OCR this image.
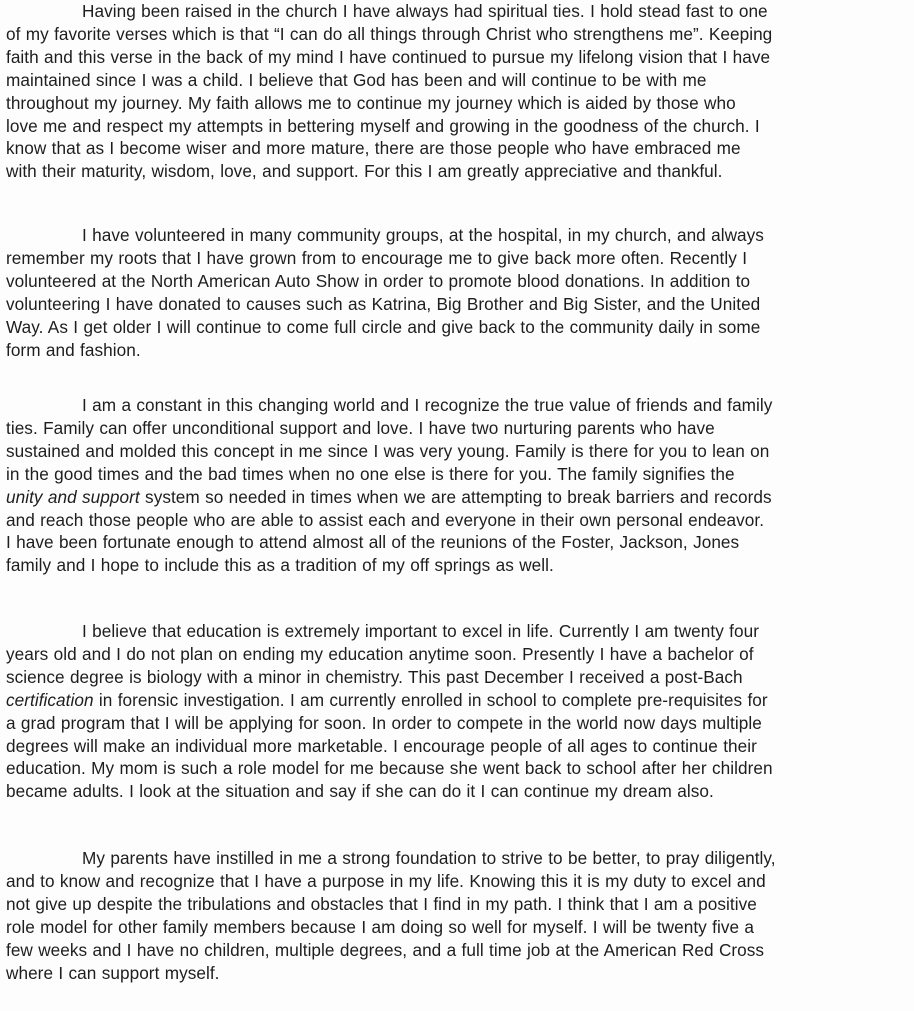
Having been raised in the church I have always had spiritual ties. I hold stead fast to one
of my favorite verses which is that “I can do all things through Christ who strengthens me”. Keeping
faith and this verse in the back of my mind I have continued to pursue my lifelong vision that I have
maintained since I was a child. I believe that God has been and will continue to be with me
throughout my journey. My faith allows me to continue my journey which is aided by those who
love me and respect my attempts in bettering myself and growing in the goodness of the church. I
know that as I become wiser and more mature, there are those people who have embraced me
with their maturity, wisdom, love, and support. For this I am greatly appreciative and thankful.
I have volunteered in many community groups, at the hospital, in my church, and always
remember my roots that I have grown from to encourage me to give back more often. Recently I
volunteered at the North American Auto Show in order to promote blood donations. In addition to
volunteering I have donated to causes such as Katrina, Big Brother and Big Sister, and the United
Way. As I get older I will continue to come full circle and give back to the community daily in some
form and fashion.
I am a constant in this changing world and I recognize the true value of friends and family
ties. Family can offer unconditional support and love. I have two nurturing parents who have
sustained and molded this concept in me since I was very young. Family is there for you to lean on
in the good times and the bad times when no one else is there for you. The family signifies the
unity and support system so needed in times when we are attempting to break barriers and records
and reach those people who are able to assist each and everyone in their own personal endeavor.
I have been fortunate enough to attend almost all of the reunions of the Foster, Jackson, Jones
family and I hope to include this as a tradition of my off springs as well.
I believe that education is extremely important to excel in life. Currently I am twenty four
years old and I do not plan on ending my education anytime soon. Presently I have a bachelor of
science degree is biology with a minor in chemistry. This past December I received a post-Bach
certification in forensic investigation. I am currently enrolled in school to complete pre-requisites for
a grad program that I will be applying for soon. In order to compete in the world now days multiple
degrees will make an individual more marketable. I encourage people of all ages to continue their
education. My mom is such a role model for me because she went back to school after her children
became adults. I look at the situation and say if she can do it I can continue my dream also.
My parents have instilled in me a strong foundation to strive to be better, to pray diligently,
and to know and recognize that I have a purpose in my life. Knowing this it is my duty to excel and
not give up despite the tribulations and obstacles that I find in my path. I think that I am a positive
role model for other family members because I am doing so well for myself. I will be twenty five a
few weeks and I have no children, multiple degrees, and a full time job at the American Red Cross
where I can support myself.
